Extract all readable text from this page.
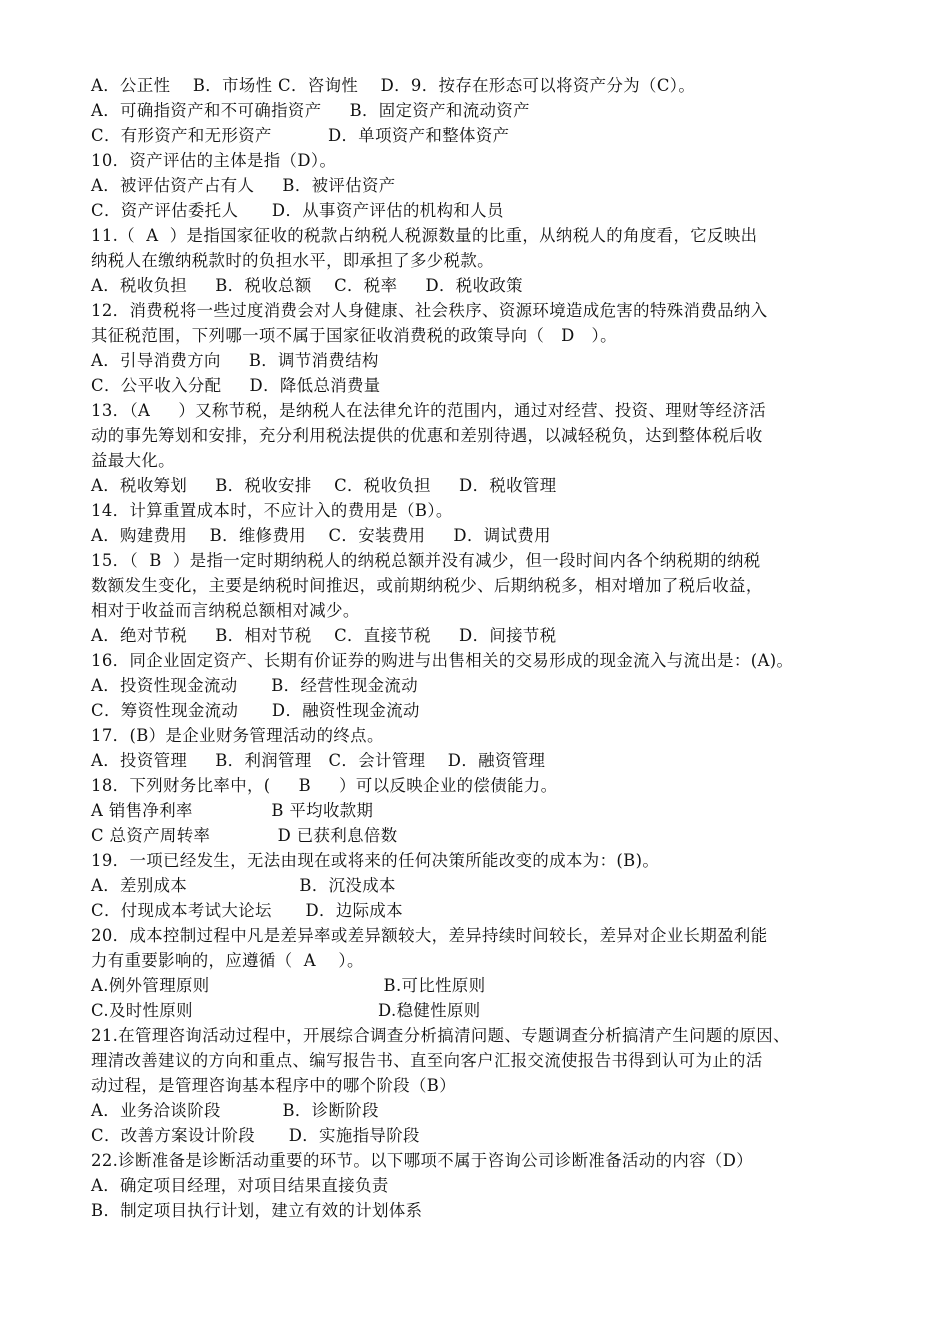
A．公正性    B．市场性 C．咨询性    D．9．按存在形态可以将资产分为（C）。
A．可确指资产和不可确指资产     B．固定资产和流动资产
C．有形资产和无形资产          D．单项资产和整体资产
10．资产评估的主体是指（D）。
A．被评估资产占有人     B．被评估资产
C．资产评估委托人      D．从事资产评估的机构和人员
11.（  A  ）是指国家征收的税款占纳税人税源数量的比重，从纳税人的角度看，它反映出
纳税人在缴纳税款时的负担水平，即承担了多少税款。
A．税收负担     B．税收总额    C．税率     D．税收政策
12．消费税将一些过度消费会对人身健康、社会秩序、资源环境造成危害的特殊消费品纳入
其征税范围，下列哪一项不属于国家征收消费税的政策导向（   D   ）。
A．引导消费方向     B．调节消费结构
C．公平收入分配     D．降低总消费量
13．（A     ）又称节税，是纳税人在法律允许的范围内，通过对经营、投资、理财等经济活
动的事先筹划和安排，充分利用税法提供的优惠和差别待遇，以减轻税负，达到整体税后收
益最大化。
A．税收筹划     B．税收安排    C．税收负担     D．税收管理
14．计算重置成本时，不应计入的费用是（B）。
A．购建费用    B．维修费用    C．安装费用     D．调试费用
15．（  B  ）是指一定时期纳税人的纳税总额并没有减少，但一段时间内各个纳税期的纳税
数额发生变化，主要是纳税时间推迟，或前期纳税少、后期纳税多，相对增加了税后收益，
相对于收益而言纳税总额相对减少。
A．绝对节税     B．相对节税    C．直接节税     D．间接节税
16．同企业固定资产、长期有价证券的购进与出售相关的交易形成的现金流入与流出是：(A)。
A．投资性现金流动      B．经营性现金流动
C．筹资性现金流动      D．融资性现金流动
17．(B）是企业财务管理活动的终点。
A．投资管理     B．利润管理   C．会计管理    D．融资管理
18．下列财务比率中，(     B     ）可以反映企业的偿债能力。
A 销售净利率              B 平均收款期
C 总资产周转率            D 已获利息倍数
19．一项已经发生，无法由现在或将来的任何决策所能改变的成本为：(B)。
A．差别成本                    B．沉没成本
C．付现成本考试大论坛      D．边际成本
20．成本控制过程中凡是差异率或差异额较大，差异持续时间较长，差异对企业长期盈利能
力有重要影响的，应遵循（  A    ）。
A.例外管理原则                               B.可比性原则
C.及时性原则                                 D.稳健性原则
21.在管理咨询活动过程中，开展综合调查分析搞清问题、专题调查分析搞清产生问题的原因、
理清改善建议的方向和重点、编写报告书、直至向客户汇报交流使报告书得到认可为止的活
动过程，是管理咨询基本程序中的哪个阶段（B）
A．业务洽谈阶段           B．诊断阶段
C．改善方案设计阶段      D．实施指导阶段
22.诊断准备是诊断活动重要的环节。以下哪项不属于咨询公司诊断准备活动的内容（D）
A．确定项目经理，对项目结果直接负责
B．制定项目执行计划，建立有效的计划体系
